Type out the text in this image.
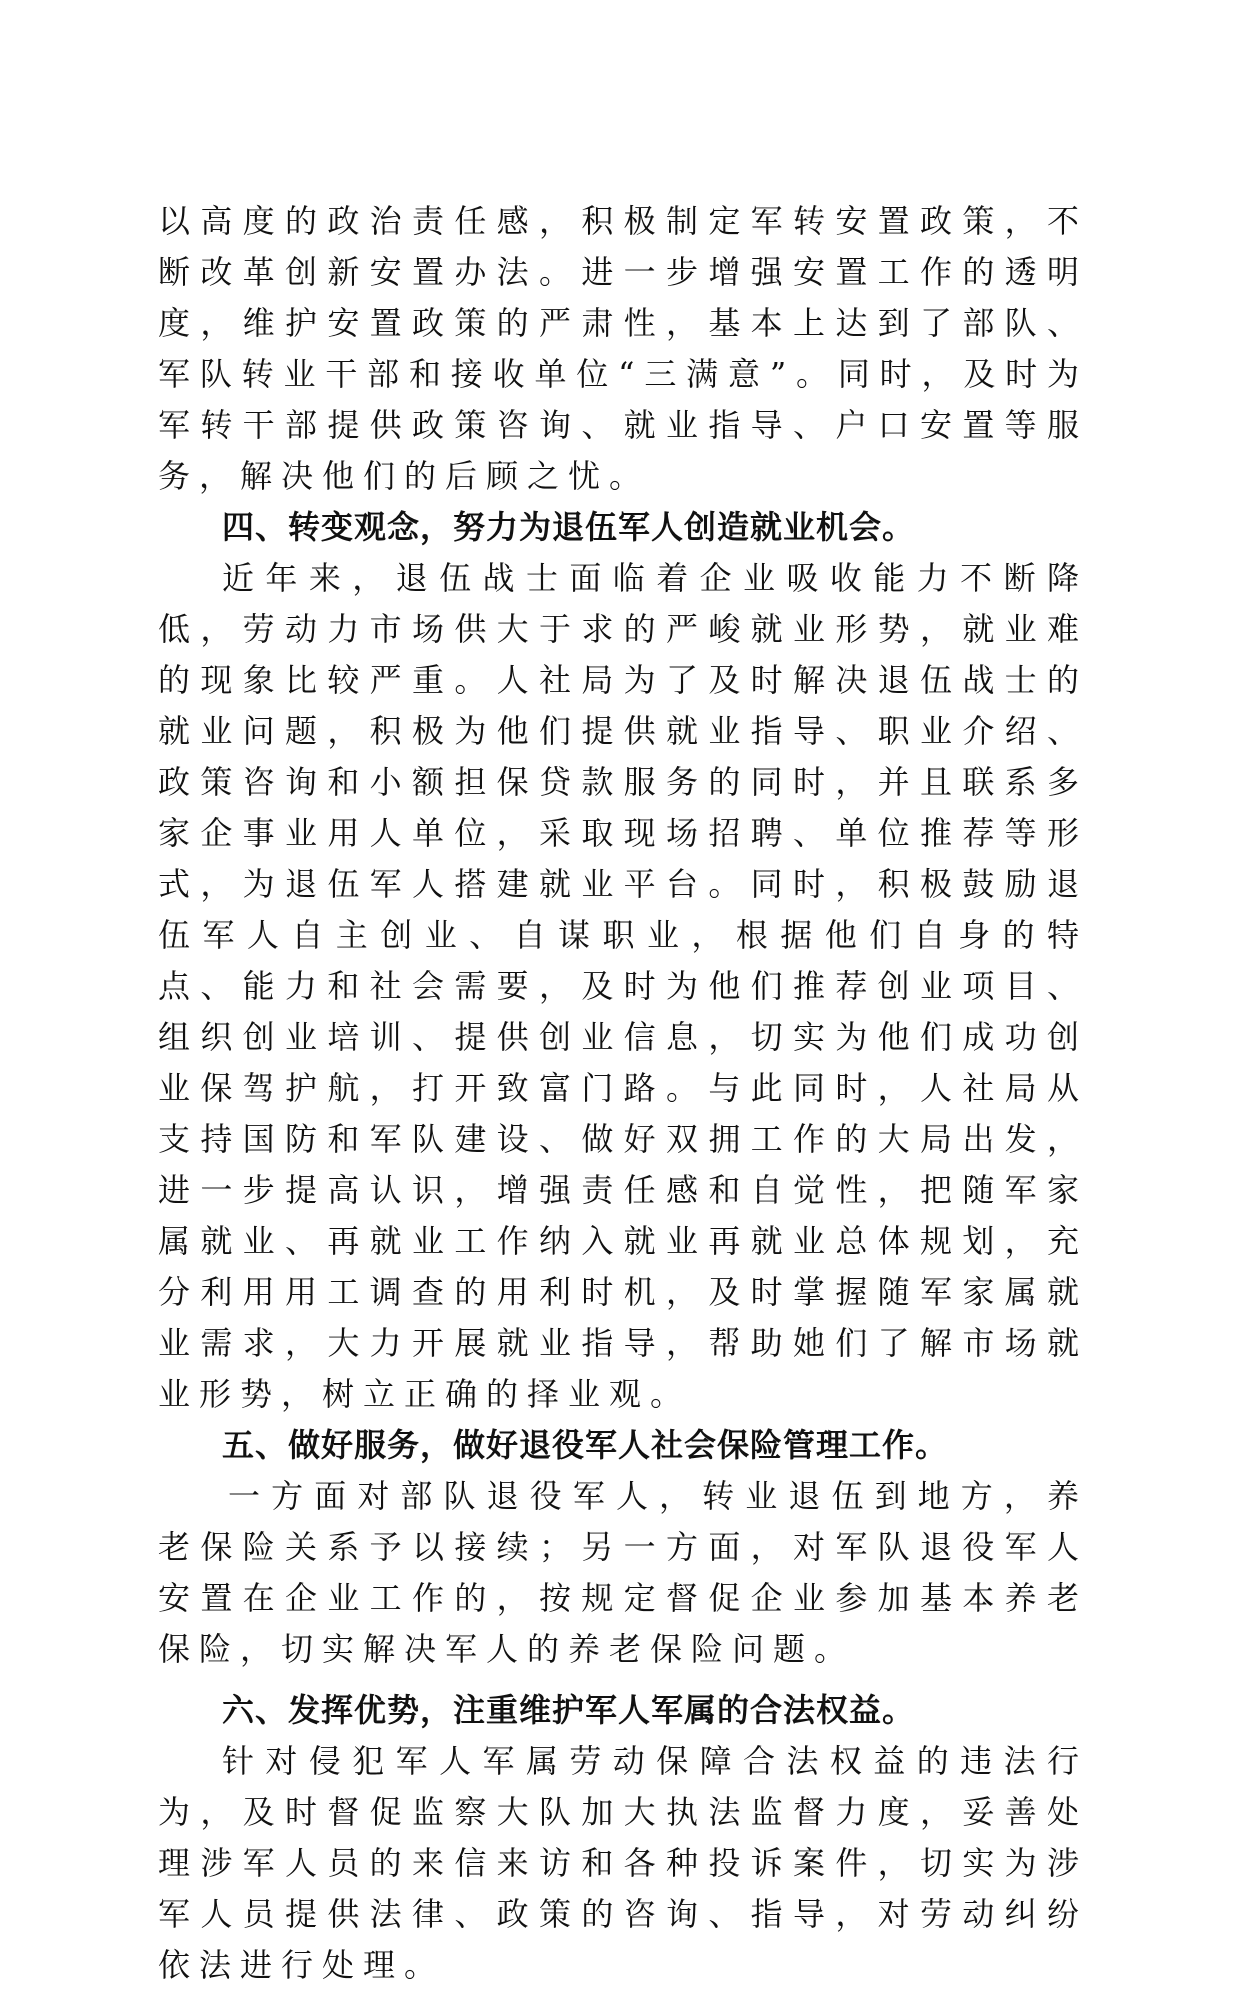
以高度的政治责任感，积极制定军转安置政策，不断改革创新安置办法。进一步增强安置工作的透明度，维护安置政策的严肃性，基本上达到了部队、军队转业干部和接收单位“三满意”。同时，及时为军转干部提供政策咨询、就业指导、户口安置等服务，解决他们的后顾之忧。

四、转变观念，努力为退伍军人创造就业机会。

近年来，退伍战士面临着企业吸收能力不断降低，劳动力市场供大于求的严峻就业形势，就业难的现象比较严重。人社局为了及时解决退伍战士的就业问题，积极为他们提供就业指导、职业介绍、政策咨询和小额担保贷款服务的同时，并且联系多家企事业用人单位，采取现场招聘、单位推荐等形式，为退伍军人搭建就业平台。同时，积极鼓励退伍军人自主创业、自谋职业，根据他们自身的特点、能力和社会需要，及时为他们推荐创业项目、组织创业培训、提供创业信息，切实为他们成功创业保驾护航，打开致富门路。与此同时，人社局从支持国防和军队建设、做好双拥工作的大局出发，进一步提高认识，增强责任感和自觉性，把随军家属就业、再就业工作纳入就业再就业总体规划，充分利用用工调查的用利时机，及时掌握随军家属就业需求，大力开展就业指导，帮助她们了解市场就业形势，树立正确的择业观。

五、做好服务，做好退役军人社会保险管理工作。

一方面对部队退役军人，转业退伍到地方，养老保险关系予以接续；另一方面，对军队退役军人安置在企业工作的，按规定督促企业参加基本养老保险，切实解决军人的养老保险问题。

六、发挥优势，注重维护军人军属的合法权益。

针对侵犯军人军属劳动保障合法权益的违法行为，及时督促监察大队加大执法监督力度，妥善处理涉军人员的来信来访和各种投诉案件，切实为涉军人员提供法律、政策的咨询、指导，对劳动纠纷依法进行处理。
